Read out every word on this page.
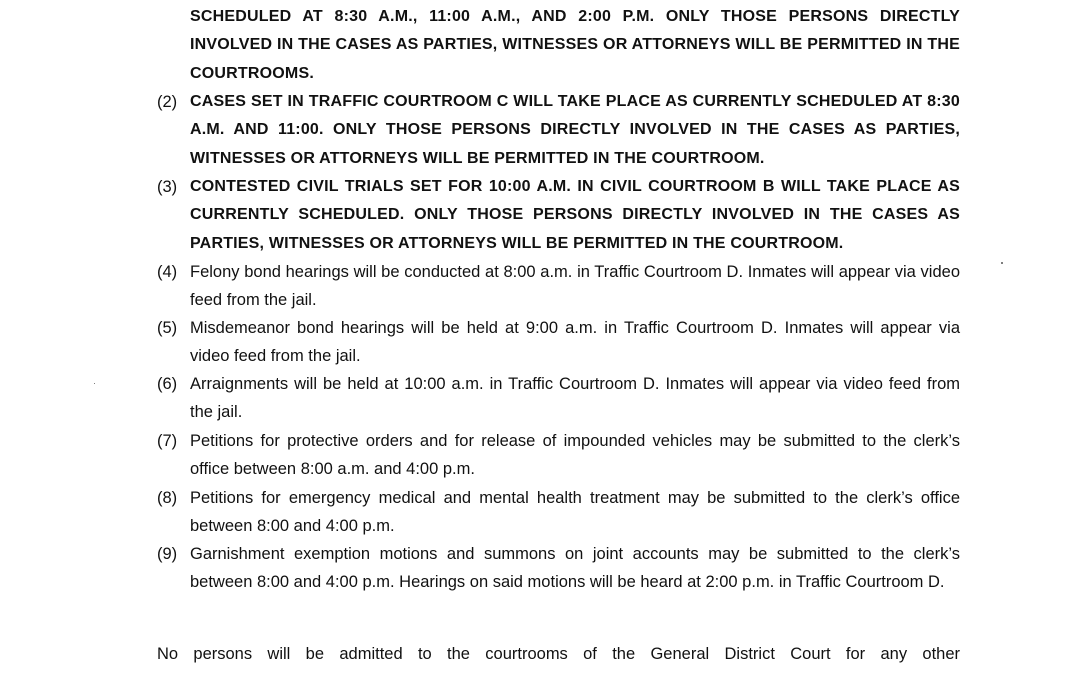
SCHEDULED AT 8:30 A.M., 11:00 A.M., AND 2:00 P.M. ONLY THOSE PERSONS DIRECTLY INVOLVED IN THE CASES AS PARTIES, WITNESSES OR ATTORNEYS WILL BE PERMITTED IN THE COURTROOMS.
(2) CASES SET IN TRAFFIC COURTROOM C WILL TAKE PLACE AS CURRENTLY SCHEDULED AT 8:30 A.M. AND 11:00. ONLY THOSE PERSONS DIRECTLY INVOLVED IN THE CASES AS PARTIES, WITNESSES OR ATTORNEYS WILL BE PERMITTED IN THE COURTROOM.
(3) CONTESTED CIVIL TRIALS SET FOR 10:00 A.M. IN CIVIL COURTROOM B WILL TAKE PLACE AS CURRENTLY SCHEDULED. ONLY THOSE PERSONS DIRECTLY INVOLVED IN THE CASES AS PARTIES, WITNESSES OR ATTORNEYS WILL BE PERMITTED IN THE COURTROOM.
(4) Felony bond hearings will be conducted at 8:00 a.m. in Traffic Courtroom D. Inmates will appear via video feed from the jail.
(5) Misdemeanor bond hearings will be held at 9:00 a.m. in Traffic Courtroom D. Inmates will appear via video feed from the jail.
(6) Arraignments will be held at 10:00 a.m. in Traffic Courtroom D. Inmates will appear via video feed from the jail.
(7) Petitions for protective orders and for release of impounded vehicles may be submitted to the clerk’s office between 8:00 a.m. and 4:00 p.m.
(8) Petitions for emergency medical and mental health treatment may be submitted to the clerk’s office between 8:00 and 4:00 p.m.
(9) Garnishment exemption motions and summons on joint accounts may be submitted to the clerk’s between 8:00 and 4:00 p.m. Hearings on said motions will be heard at 2:00 p.m. in Traffic Courtroom D.
No persons will be admitted to the courtrooms of the General District Court for any other
